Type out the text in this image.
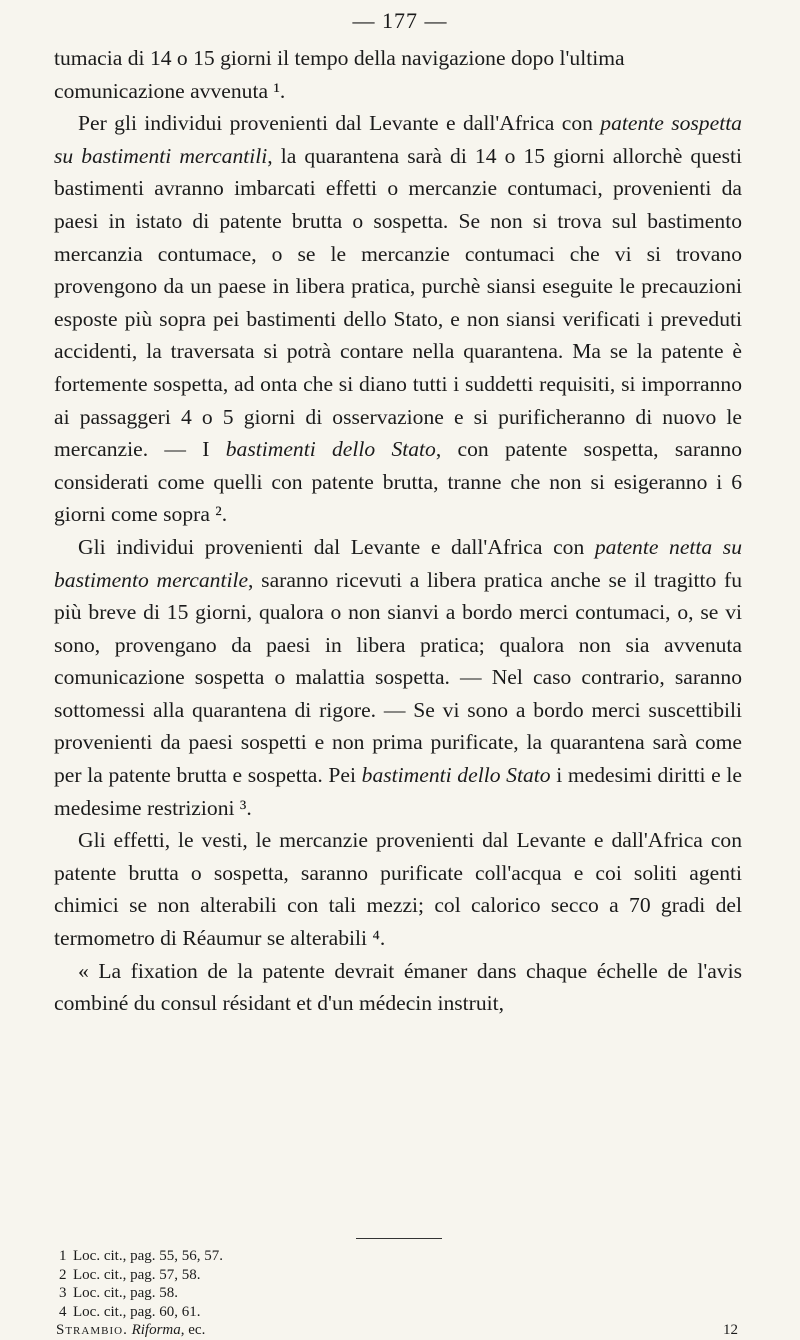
— 177 —

tumacia di 14 o 15 giorni il tempo della navigazione dopo l'ultima

comunicazione avvenuta ¹.

Per gli individui provenienti dal Levante e dall'Africa con patente sospetta su bastimenti mercantili, la quarantena sarà di 14 o 15 giorni allorchè questi bastimenti avranno imbarcati effetti o mercanzie contumaci, provenienti da paesi in istato di patente brutta o sospetta. Se non si trova sul bastimento mercanzia contumace, o se le mercanzie contumaci che vi si trovano provengono da un paese in libera pratica, purchè siansi eseguite le precauzioni esposte più sopra pei bastimenti dello Stato, e non siansi verificati i preveduti accidenti, la traversata si potrà contare nella quarantena. Ma se la patente è fortemente sospetta, ad onta che si diano tutti i suddetti requisiti, si imporranno ai passaggeri 4 o 5 giorni di osservazione e si purificheranno di nuovo le mercanzie. — I bastimenti dello Stato, con patente sospetta, saranno considerati come quelli con patente brutta, tranne che non si esigeranno i 6 giorni come sopra ².

Gli individui provenienti dal Levante e dall'Africa con patente netta su bastimento mercantile, saranno ricevuti a libera pratica anche se il tragitto fu più breve di 15 giorni, qualora o non sianvi a bordo merci contumaci, o, se vi sono, provengano da paesi in libera pratica; qualora non sia avvenuta comunicazione sospetta o malattia sospetta. — Nel caso contrario, saranno sottomessi alla quarantena di rigore. — Se vi sono a bordo merci suscettibili provenienti da paesi sospetti e non prima purificate, la quarantena sarà come per la patente brutta e sospetta. Pei bastimenti dello Stato i medesimi diritti e le medesime restrizioni ³.

Gli effetti, le vesti, le mercanzie provenienti dal Levante e dall'Africa con patente brutta o sospetta, saranno purificate coll'acqua e coi soliti agenti chimici se non alterabili con tali mezzi; col calorico secco a 70 gradi del termometro di Réaumur se alterabili ⁴.

« La fixation de la patente devrait émaner dans chaque échelle de l'avis combiné du consul résidant et d'un médecin instruit,

1 Loc. cit., pag. 55, 56, 57.
2 Loc. cit., pag. 57, 58.
3 Loc. cit., pag. 58.
4 Loc. cit., pag. 60, 61.
Strambio. Riforma, ec.	12
